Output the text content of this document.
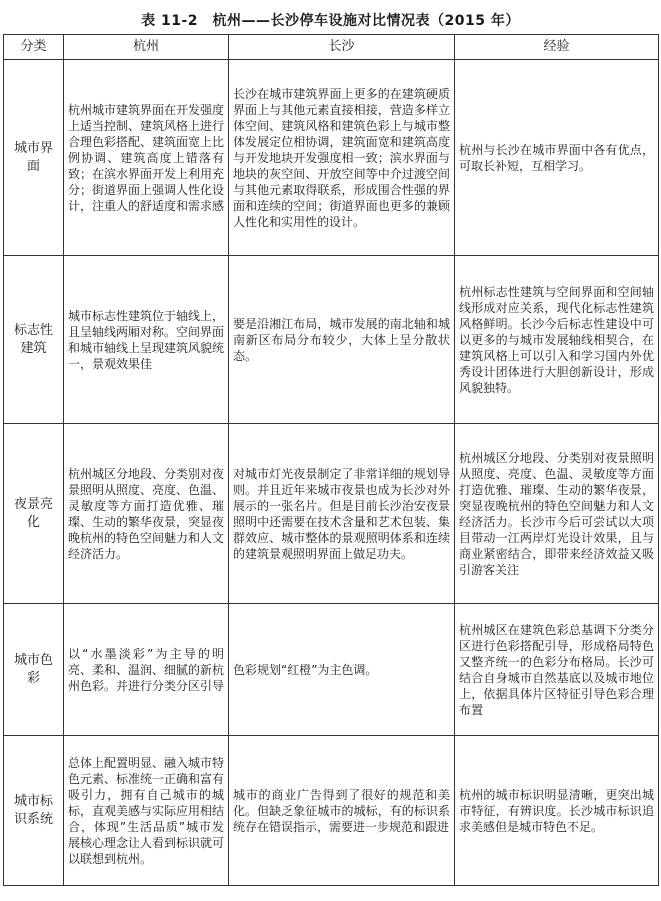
表 11-2　杭州——长沙停车设施对比情况表（2015 年）
分类	杭州	长沙	经验
城市界面	杭州城市建筑界面在开发强度上适当控制、建筑风格上进行合理色彩搭配、建筑面宽上比例协调、建筑高度上错落有致；在滨水界面开发上利用充分；街道界面上强调人性化设计，注重人的舒适度和需求感	长沙在城市建筑界面上更多的在建筑硬质界面上与其他元素直接相接，营造多样立体空间、建筑风格和建筑色彩上与城市整体发展定位相协调，建筑面宽和建筑高度与开发地块开发强度相一致；滨水界面与地块的灰空间、开放空间等中介过渡空间与其他元素取得联系，形成围合性强的界面和连续的空间；街道界面也更多的兼顾人性化和实用性的设计。	杭州与长沙在城市界面中各有优点，可取长补短，互相学习。
标志性建筑	城市标志性建筑位于轴线上，且呈轴线两厢对称。空间界面和城市轴线上呈现建筑风貌统一，景观效果佳	要是沿湘江布局，城市发展的南北轴和城南新区布局分布较少，大体上呈分散状态。	杭州标志性建筑与空间界面和空间轴线形成对应关系，现代化标志性建筑风格鲜明。长沙今后标志性建设中可以更多的与城市发展轴线相契合，在建筑风格上可以引入和学习国内外优秀设计团体进行大胆创新设计，形成风貌独特。
夜景亮化	杭州城区分地段、分类别对夜景照明从照度、亮度、色温、灵敏度等方面打造优雅、璀璨、生动的繁华夜景，突显夜晚杭州的特色空间魅力和人文经济活力。	对城市灯光夜景制定了非常详细的规划导则。并且近年来城市夜景也成为长沙对外展示的一张名片。但是目前长沙治安夜景照明中还需要在技术含量和艺术包装、集群效应、城市整体的景观照明体系和连续的建筑景观照明界面上做足功夫。	杭州城区分地段、分类别对夜景照明从照度、亮度、色温、灵敏度等方面打造优雅、璀璨、生动的繁华夜景，突显夜晚杭州的特色空间魅力和人文经济活力。长沙市今后可尝试以大项目带动一江两岸灯光设计效果，且与商业紧密结合，即带来经济效益又吸引游客关注
城市色彩	以“水墨淡彩”为主导的明亮、柔和、温润、细腻的新杭州色彩。并进行分类分区引导	色彩规划“红橙”为主色调。	杭州城区在建筑色彩总基调下分类分区进行色彩搭配引导，形成格局特色又整齐统一的色彩分布格局。长沙可结合自身城市自然基底以及城市地位上，依据具体片区特征引导色彩合理布置
城市标识系统	总体上配置明显、融入城市特色元素、标准统一正确和富有吸引力，拥有自己城市的城标，直观美感与实际应用相结合，体现”生活品质”城市发展核心理念让人看到标识就可以联想到杭州。	城市的商业广告得到了很好的规范和美化。但缺乏象征城市的城标，有的标识系统存在错误指示，需要进一步规范和跟进	杭州的城市标识明显清晰，更突出城市特征，有辨识度。长沙城市标识追求美感但是城市特色不足。
